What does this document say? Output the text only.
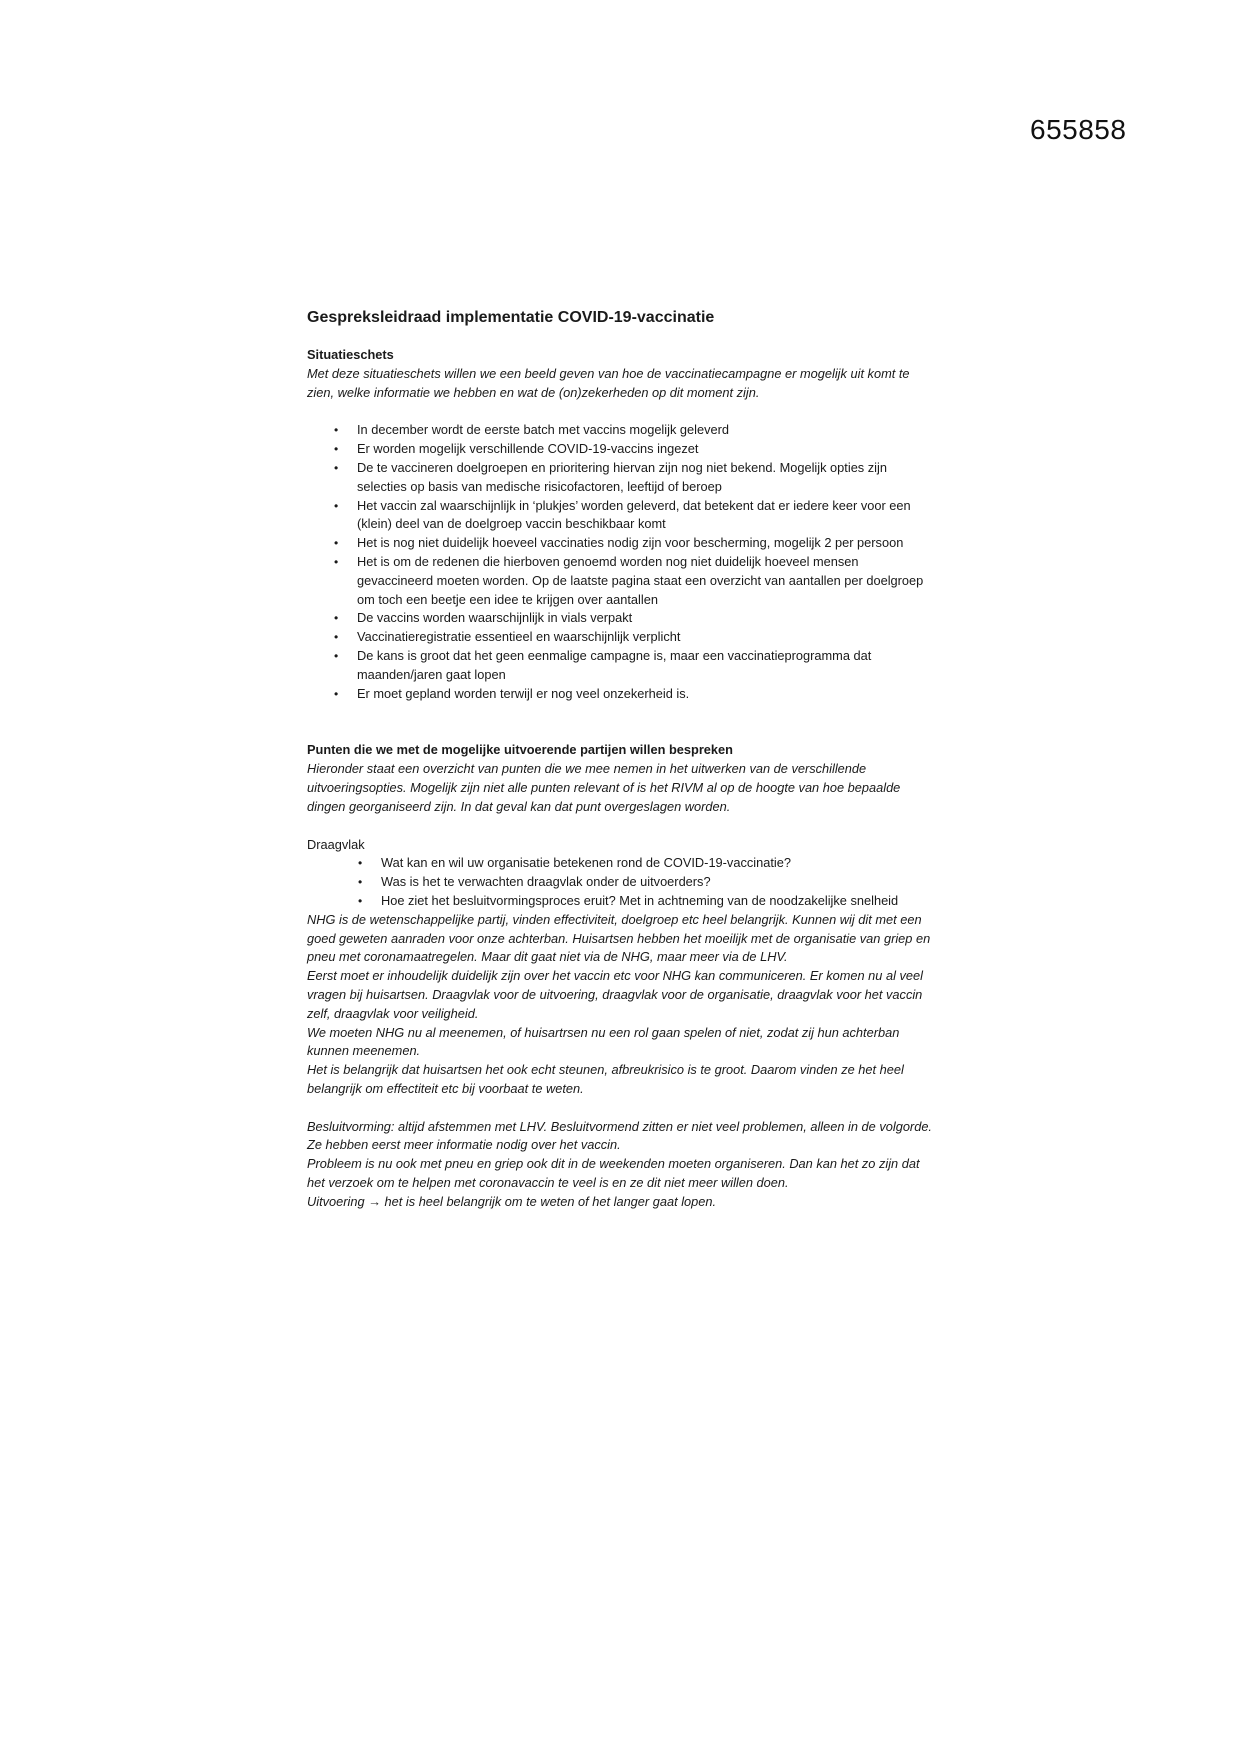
655858
Gespreksleidraad implementatie COVID-19-vaccinatie
Situatieschets
Met deze situatieschets willen we een beeld geven van hoe de vaccinatiecampagne er mogelijk uit komt te zien, welke informatie we hebben en wat de (on)zekerheden op dit moment zijn.
• In december wordt de eerste batch met vaccins mogelijk geleverd
• Er worden mogelijk verschillende COVID-19-vaccins ingezet
• De te vaccineren doelgroepen en prioritering hiervan zijn nog niet bekend. Mogelijk opties zijn selecties op basis van medische risicofactoren, leeftijd of beroep
• Het vaccin zal waarschijnlijk in ‘plukjes’ worden geleverd, dat betekent dat er iedere keer voor een (klein) deel van de doelgroep vaccin beschikbaar komt
• Het is nog niet duidelijk hoeveel vaccinaties nodig zijn voor bescherming, mogelijk 2 per persoon
• Het is om de redenen die hierboven genoemd worden nog niet duidelijk hoeveel mensen gevaccineerd moeten worden. Op de laatste pagina staat een overzicht van aantallen per doelgroep om toch een beetje een idee te krijgen over aantallen
• De vaccins worden waarschijnlijk in vials verpakt
• Vaccinatieregistratie essentieel en waarschijnlijk verplicht
• De kans is groot dat het geen eenmalige campagne is, maar een vaccinatieprogramma dat maanden/jaren gaat lopen
• Er moet gepland worden terwijl er nog veel onzekerheid is.
Punten die we met de mogelijke uitvoerende partijen willen bespreken
Hieronder staat een overzicht van punten die we mee nemen in het uitwerken van de verschillende uitvoeringsopties. Mogelijk zijn niet alle punten relevant of is het RIVM al op de hoogte van hoe bepaalde dingen georganiseerd zijn. In dat geval kan dat punt overgeslagen worden.
Draagvlak
• Wat kan en wil uw organisatie betekenen rond de COVID-19-vaccinatie?
• Was is het te verwachten draagvlak onder de uitvoerders?
• Hoe ziet het besluitvormingsproces eruit? Met in achtneming van de noodzakelijke snelheid
NHG is de wetenschappelijke partij, vinden effectiviteit, doelgroep etc heel belangrijk. Kunnen wij dit met een goed geweten aanraden voor onze achterban. Huisartsen hebben het moeilijk met de organisatie van griep en pneu met coronamaatregelen. Maar dit gaat niet via de NHG, maar meer via de LHV.
Eerst moet er inhoudelijk duidelijk zijn over het vaccin etc voor NHG kan communiceren. Er komen nu al veel vragen bij huisartsen. Draagvlak voor de uitvoering, draagvlak voor de organisatie, draagvlak voor het vaccin zelf, draagvlak voor veiligheid.
We moeten NHG nu al meenemen, of huisartrsen nu een rol gaan spelen of niet, zodat zij hun achterban kunnen meenemen.
Het is belangrijk dat huisartsen het ook echt steunen, afbreukrisico is te groot. Daarom vinden ze het heel belangrijk om effectiteit etc bij voorbaat te weten.
Besluitvorming: altijd afstemmen met LHV. Besluitvormend zitten er niet veel problemen, alleen in de volgorde. Ze hebben eerst meer informatie nodig over het vaccin.
Probleem is nu ook met pneu en griep ook dit in de weekenden moeten organiseren. Dan kan het zo zijn dat het verzoek om te helpen met coronavaccin te veel is en ze dit niet meer willen doen.
Uitvoering → het is heel belangrijk om te weten of het langer gaat lopen.
